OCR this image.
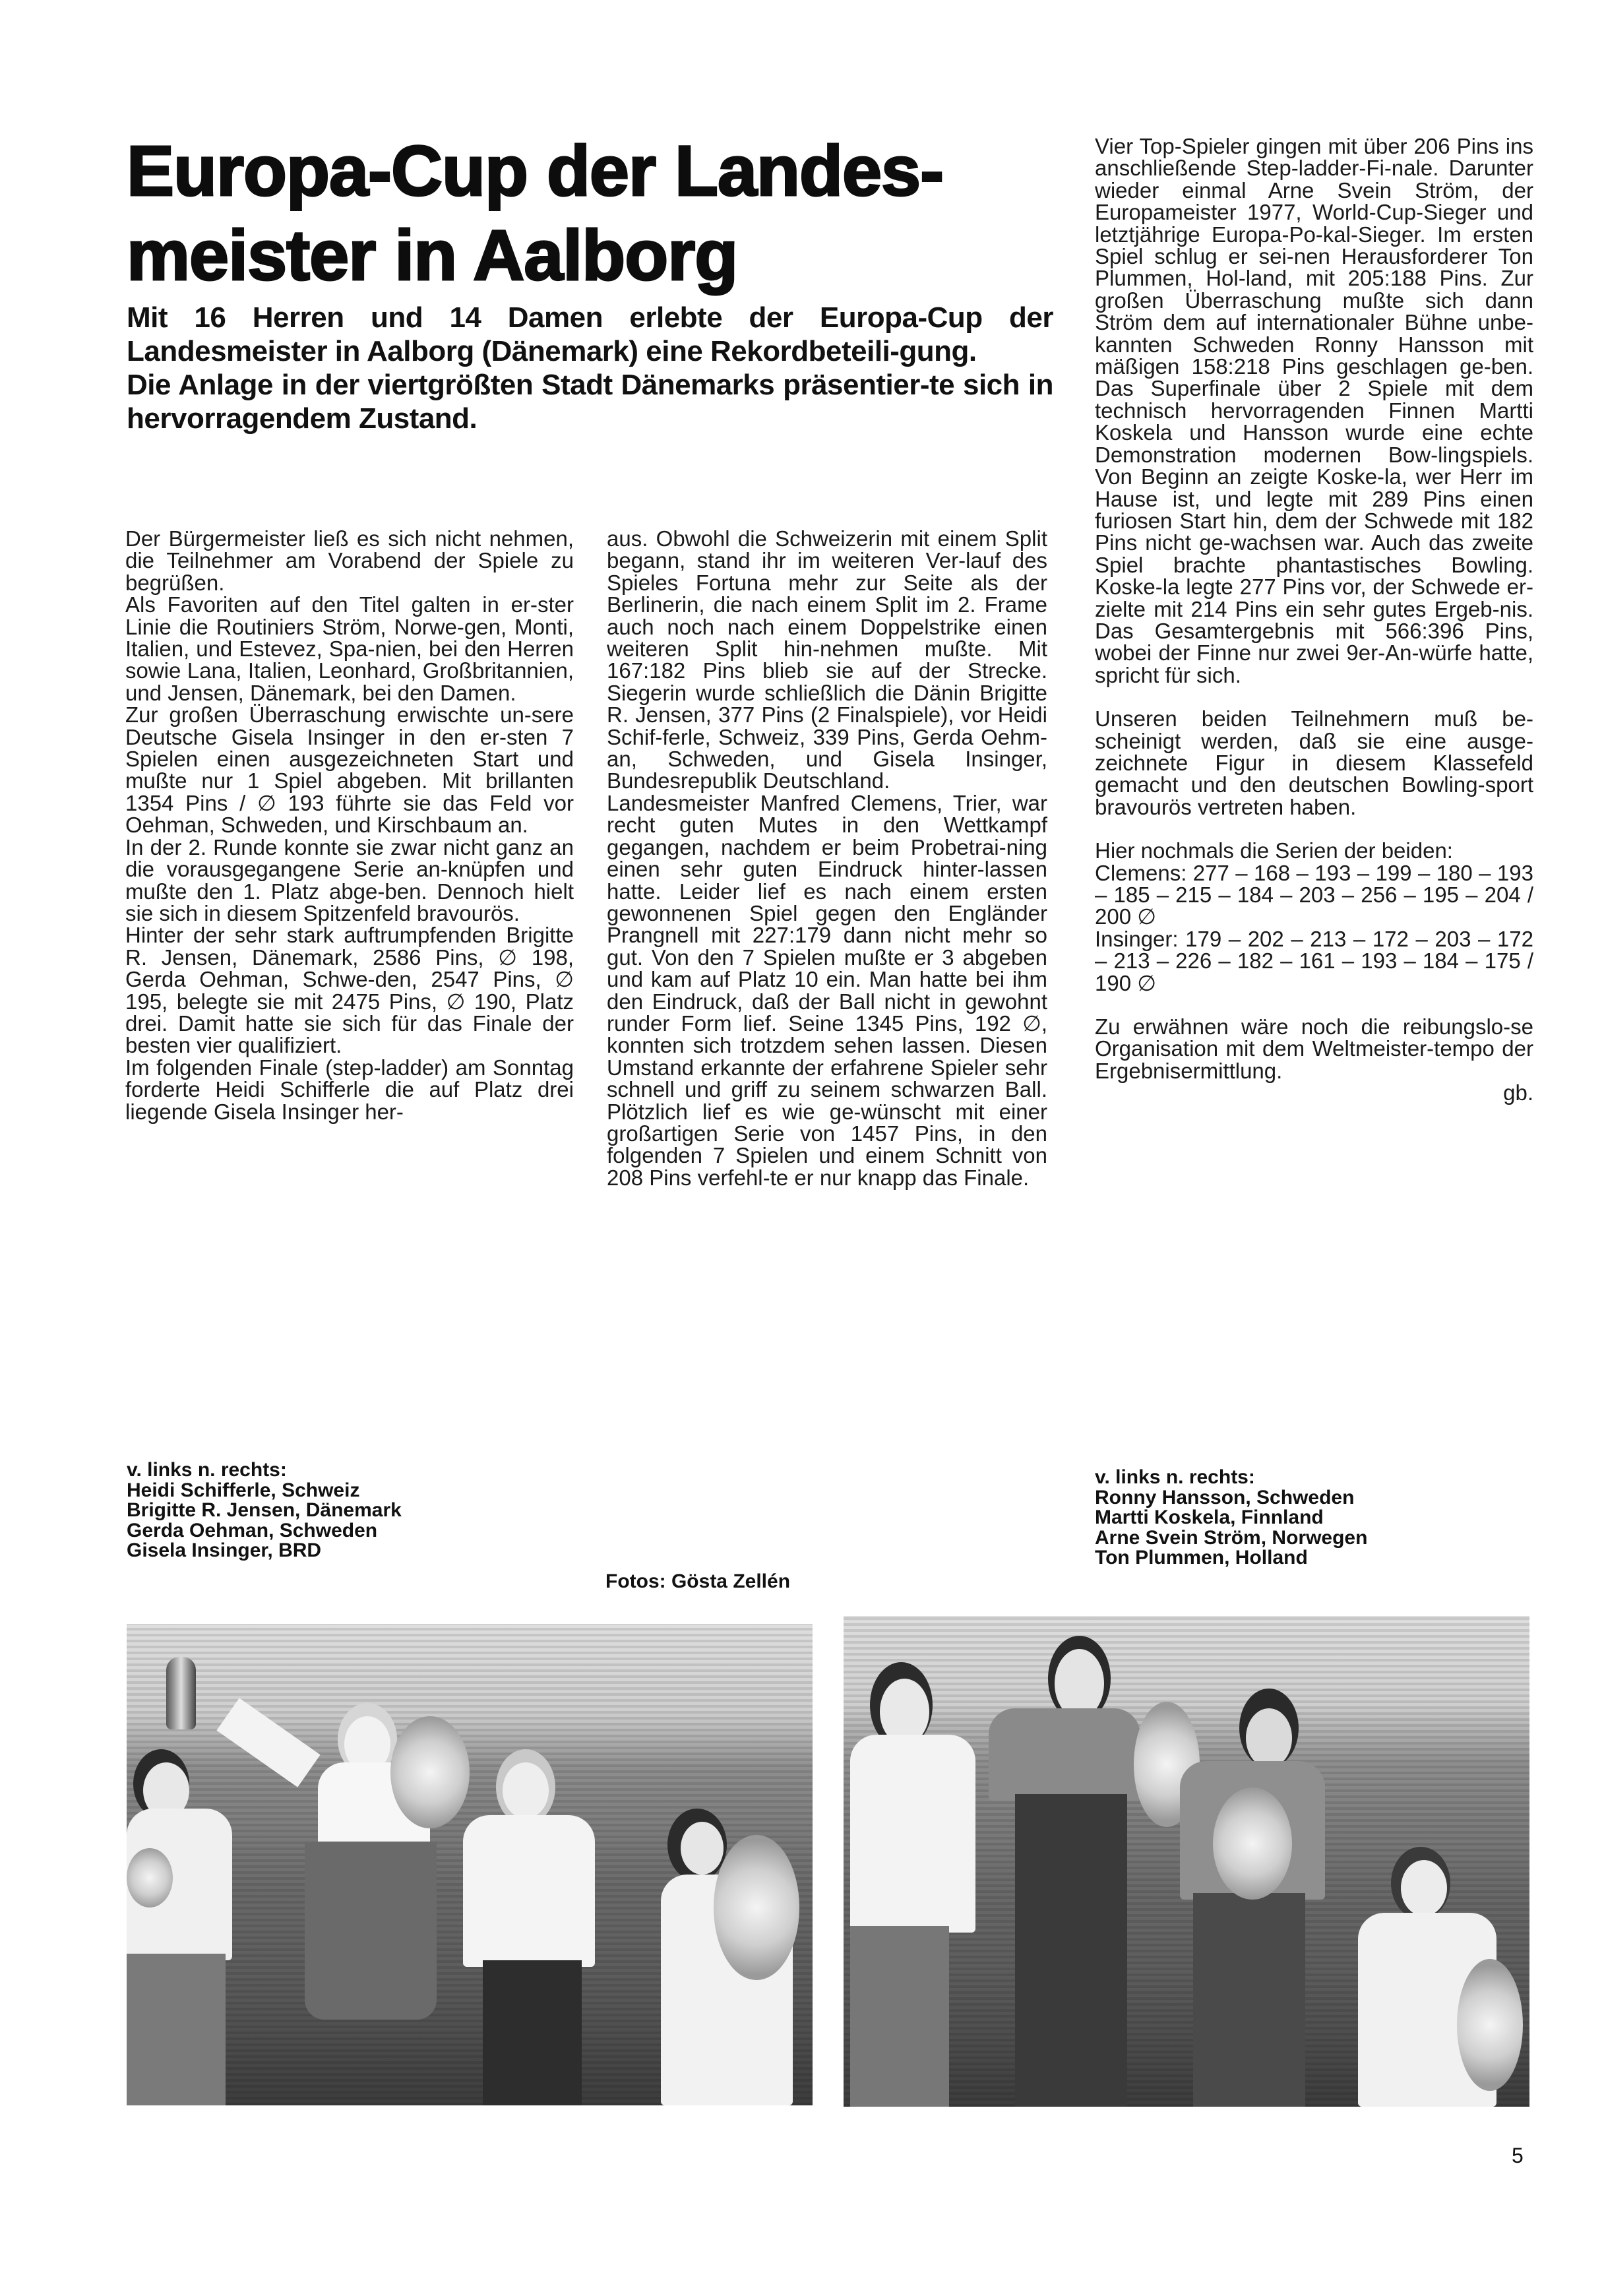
Europa-Cup der Landes-
meister in Aalborg

Mit 16 Herren und 14 Damen erlebte der Europa-Cup der Landesmeister in Aalborg (Dänemark) eine Rekordbeteili-gung.

Die Anlage in der viertgrößten Stadt Dänemarks präsentier-te sich in hervorragendem Zustand.

Der Bürgermeister ließ es sich nicht nehmen, die Teilnehmer am Vorabend der Spiele zu begrüßen.

Als Favoriten auf den Titel galten in er-ster Linie die Routiniers Ström, Norwe-gen, Monti, Italien, und Estevez, Spa-nien, bei den Herren sowie Lana, Italien, Leonhard, Großbritannien, und Jensen, Dänemark, bei den Damen.

Zur großen Überraschung erwischte un-sere Deutsche Gisela Insinger in den er-sten 7 Spielen einen ausgezeichneten Start und mußte nur 1 Spiel abgeben. Mit brillanten 1354 Pins / ∅ 193 führte sie das Feld vor Oehman, Schweden, und Kirschbaum an.

In der 2. Runde konnte sie zwar nicht ganz an die vorausgegangene Serie an-knüpfen und mußte den 1. Platz abge-ben. Dennoch hielt sie sich in diesem Spitzenfeld bravourös.

Hinter der sehr stark auftrumpfenden Brigitte R. Jensen, Dänemark, 2586 Pins, ∅ 198, Gerda Oehman, Schwe-den, 2547 Pins, ∅ 195, belegte sie mit 2475 Pins, ∅ 190, Platz drei. Damit hatte sie sich für das Finale der besten vier qualifiziert.

Im folgenden Finale (step-ladder) am Sonntag forderte Heidi Schifferle die auf Platz drei liegende Gisela Insinger her-

aus. Obwohl die Schweizerin mit einem Split begann, stand ihr im weiteren Ver-lauf des Spieles Fortuna mehr zur Seite als der Berlinerin, die nach einem Split im 2. Frame auch noch nach einem Doppelstrike einen weiteren Split hin-nehmen mußte. Mit 167:182 Pins blieb sie auf der Strecke. Siegerin wurde schließlich die Dänin Brigitte R. Jensen, 377 Pins (2 Finalspiele), vor Heidi Schif-ferle, Schweiz, 339 Pins, Gerda Oehm-an, Schweden, und Gisela Insinger, Bundesrepublik Deutschland.

Landesmeister Manfred Clemens, Trier, war recht guten Mutes in den Wettkampf gegangen, nachdem er beim Probetrai-ning einen sehr guten Eindruck hinter-lassen hatte. Leider lief es nach einem ersten gewonnenen Spiel gegen den Engländer Prangnell mit 227:179 dann nicht mehr so gut. Von den 7 Spielen mußte er 3 abgeben und kam auf Platz 10 ein. Man hatte bei ihm den Eindruck, daß der Ball nicht in gewohnt runder Form lief. Seine 1345 Pins, 192 ∅, konnten sich trotzdem sehen lassen. Diesen Umstand erkannte der erfahrene Spieler sehr schnell und griff zu seinem schwarzen Ball. Plötzlich lief es wie ge-wünscht mit einer großartigen Serie von 1457 Pins, in den folgenden 7 Spielen und einem Schnitt von 208 Pins verfehl-te er nur knapp das Finale.

Vier Top-Spieler gingen mit über 206 Pins ins anschließende Step-ladder-Fi-nale. Darunter wieder einmal Arne Svein Ström, der Europameister 1977, World-Cup-Sieger und letztjährige Europa-Po-kal-Sieger. Im ersten Spiel schlug er sei-nen Herausforderer Ton Plummen, Hol-land, mit 205:188 Pins. Zur großen Überraschung mußte sich dann Ström dem auf internationaler Bühne unbe-kannten Schweden Ronny Hansson mit mäßigen 158:218 Pins geschlagen ge-ben. Das Superfinale über 2 Spiele mit dem technisch hervorragenden Finnen Martti Koskela und Hansson wurde eine echte Demonstration modernen Bow-lingspiels. Von Beginn an zeigte Koske-la, wer Herr im Hause ist, und legte mit 289 Pins einen furiosen Start hin, dem der Schwede mit 182 Pins nicht ge-wachsen war. Auch das zweite Spiel brachte phantastisches Bowling. Koske-la legte 277 Pins vor, der Schwede er-zielte mit 214 Pins ein sehr gutes Ergeb-nis. Das Gesamtergebnis mit 566:396 Pins, wobei der Finne nur zwei 9er-An-würfe hatte, spricht für sich.

Unseren beiden Teilnehmern muß be-scheinigt werden, daß sie eine ausge-zeichnete Figur in diesem Klassefeld gemacht und den deutschen Bowling-sport bravourös vertreten haben.

Hier nochmals die Serien der beiden:

Clemens: 277 – 168 – 193 – 199 – 180 – 193 – 185 – 215 – 184 – 203 – 256 – 195 – 204 / 200 ∅

Insinger: 179 – 202 – 213 – 172 – 203 – 172 – 213 – 226 – 182 – 161 – 193 – 184 – 175 / 190 ∅

Zu erwähnen wäre noch die reibungslo-se Organisation mit dem Weltmeister-tempo der Ergebnisermittlung.

gb.

v. links n. rechts:
Heidi Schifferle, Schweiz
Brigitte R. Jensen, Dänemark
Gerda Oehman, Schweden
Gisela Insinger, BRD
Fotos: Gösta Zellén
v. links n. rechts:
Ronny Hansson, Schweden
Martti Koskela, Finnland
Arne Svein Ström, Norwegen
Ton Plummen, Holland
5
